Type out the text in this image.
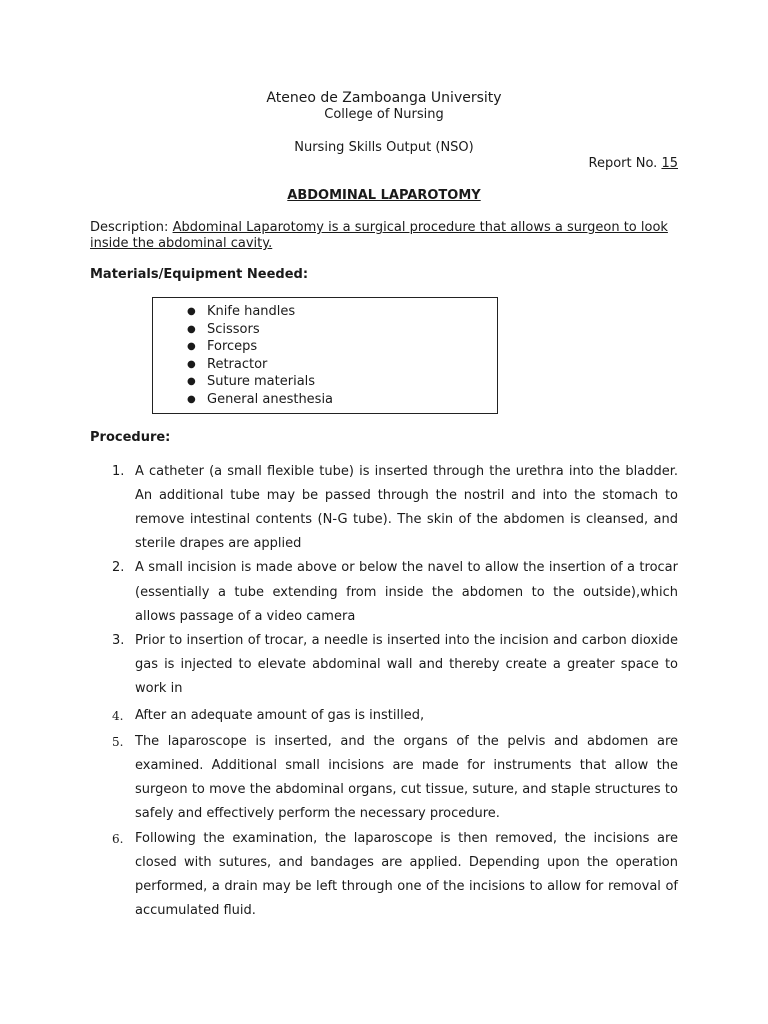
Ateneo de Zamboanga University

College of Nursing

Nursing Skills Output (NSO)

Report No. 15

ABDOMINAL LAPAROTOMY

Description: Abdominal Laparotomy is a surgical procedure that allows a surgeon to look inside the abdominal cavity.

Materials/Equipment Needed:

● Knife handles
● Scissors
● Forceps
● Retractor
● Suture materials
● General anesthesia

Procedure:

1. A catheter (a small flexible tube) is inserted through the urethra into the bladder. An additional tube may be passed through the nostril and into the stomach to remove intestinal contents (N-G tube). The skin of the abdomen is cleansed, and sterile drapes are applied
2. A small incision is made above or below the navel to allow the insertion of a trocar (essentially a tube extending from inside the abdomen to the outside),which allows passage of a video camera
3. Prior to insertion of trocar, a needle is inserted into the incision and carbon dioxide gas is injected to elevate abdominal wall and thereby create a greater space to work in
4. After an adequate amount of gas is instilled,
5. The laparoscope is inserted, and the organs of the pelvis and abdomen are examined. Additional small incisions are made for instruments that allow the surgeon to move the abdominal organs, cut tissue, suture, and staple structures to safely and effectively perform the necessary procedure.
6. Following the examination, the laparoscope is then removed, the incisions are closed with sutures, and bandages are applied. Depending upon the operation performed, a drain may be left through one of the incisions to allow for removal of accumulated fluid.
